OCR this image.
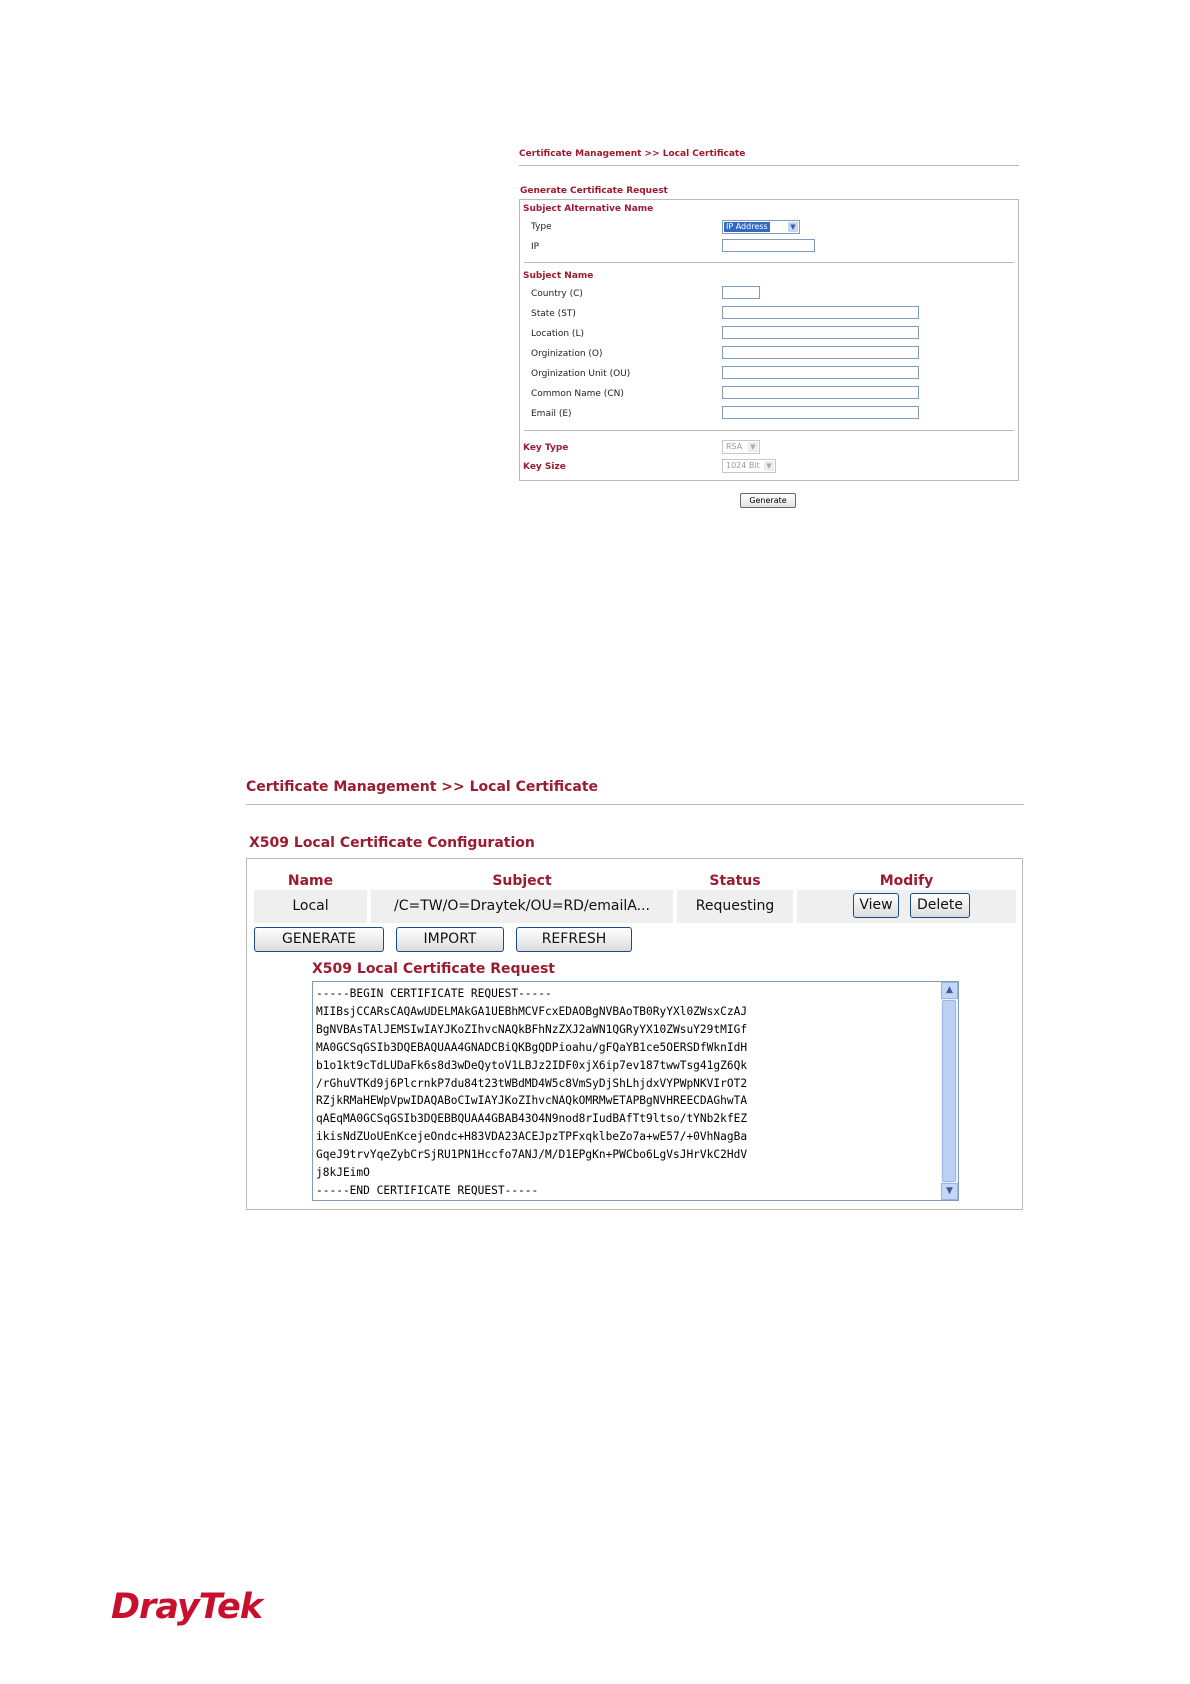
Certificate Management >> Local Certificate
Generate Certificate Request
Subject Alternative Name
Type	IP Address	▼
IP
Subject Name
Country (C)
State (ST)
Location (L)
Orginization (O)
Orginization Unit (OU)
Common Name (CN)
Email (E)
Key Type	RSA	▼
Key Size	1024 Bit ▼
Generate
Certificate Management >> Local Certificate
X509 Local Certificate Configuration
Name	Subject	Status	Modify
Local	/C=TW/O=Draytek/OU=RD/emailA...	Requesting	View	Delete
GENERATE	IMPORT	REFRESH
X509 Local Certificate Request
-----BEGIN CERTIFICATE REQUEST-----
MIIBsjCCARsCAQAwUDELMAkGA1UEBhMCVFcxEDAOBgNVBAoTB0RyYXl0ZWsxCzAJ
BgNVBAsTAlJEMSIwIAYJKoZIhvcNAQkBFhNzZXJ2aWN1QGRyYX10ZWsuY29tMIGf
MA0GCSqGSIb3DQEBAQUAA4GNADCBiQKBgQDPioahu/gFQaYB1ce5OERSDfWknIdH
b1o1kt9cTdLUDaFk6s8d3wDeQytoV1LBJz2IDF0xjX6ip7ev187twwTsg41gZ6Qk
/rGhuVTKd9j6PlcrnkP7du84t23tWBdMD4W5c8VmSyDjShLhjdxVYPWpNKVIrOT2
RZjkRMaHEWpVpwIDAQABoCIwIAYJKoZIhvcNAQkOMRMwETAPBgNVHREECDAGhwTA
qAEqMA0GCSqGSIb3DQEBBQUAA4GBAB43O4N9nod8rIudBAfTt9ltso/tYNb2kfEZ
ikisNdZUoUEnKcejeOndc+H83VDA23ACEJpzTPFxqklbeZo7a+wE57/+0VhNagBa
GqeJ9trvYqeZybCrSjRU1PN1Hccfo7ANJ/M/D1EPgKn+PWCbo6LgVsJHrVkC2HdV
j8kJEimO
-----END CERTIFICATE REQUEST-----
▲
▼
DrayTek
